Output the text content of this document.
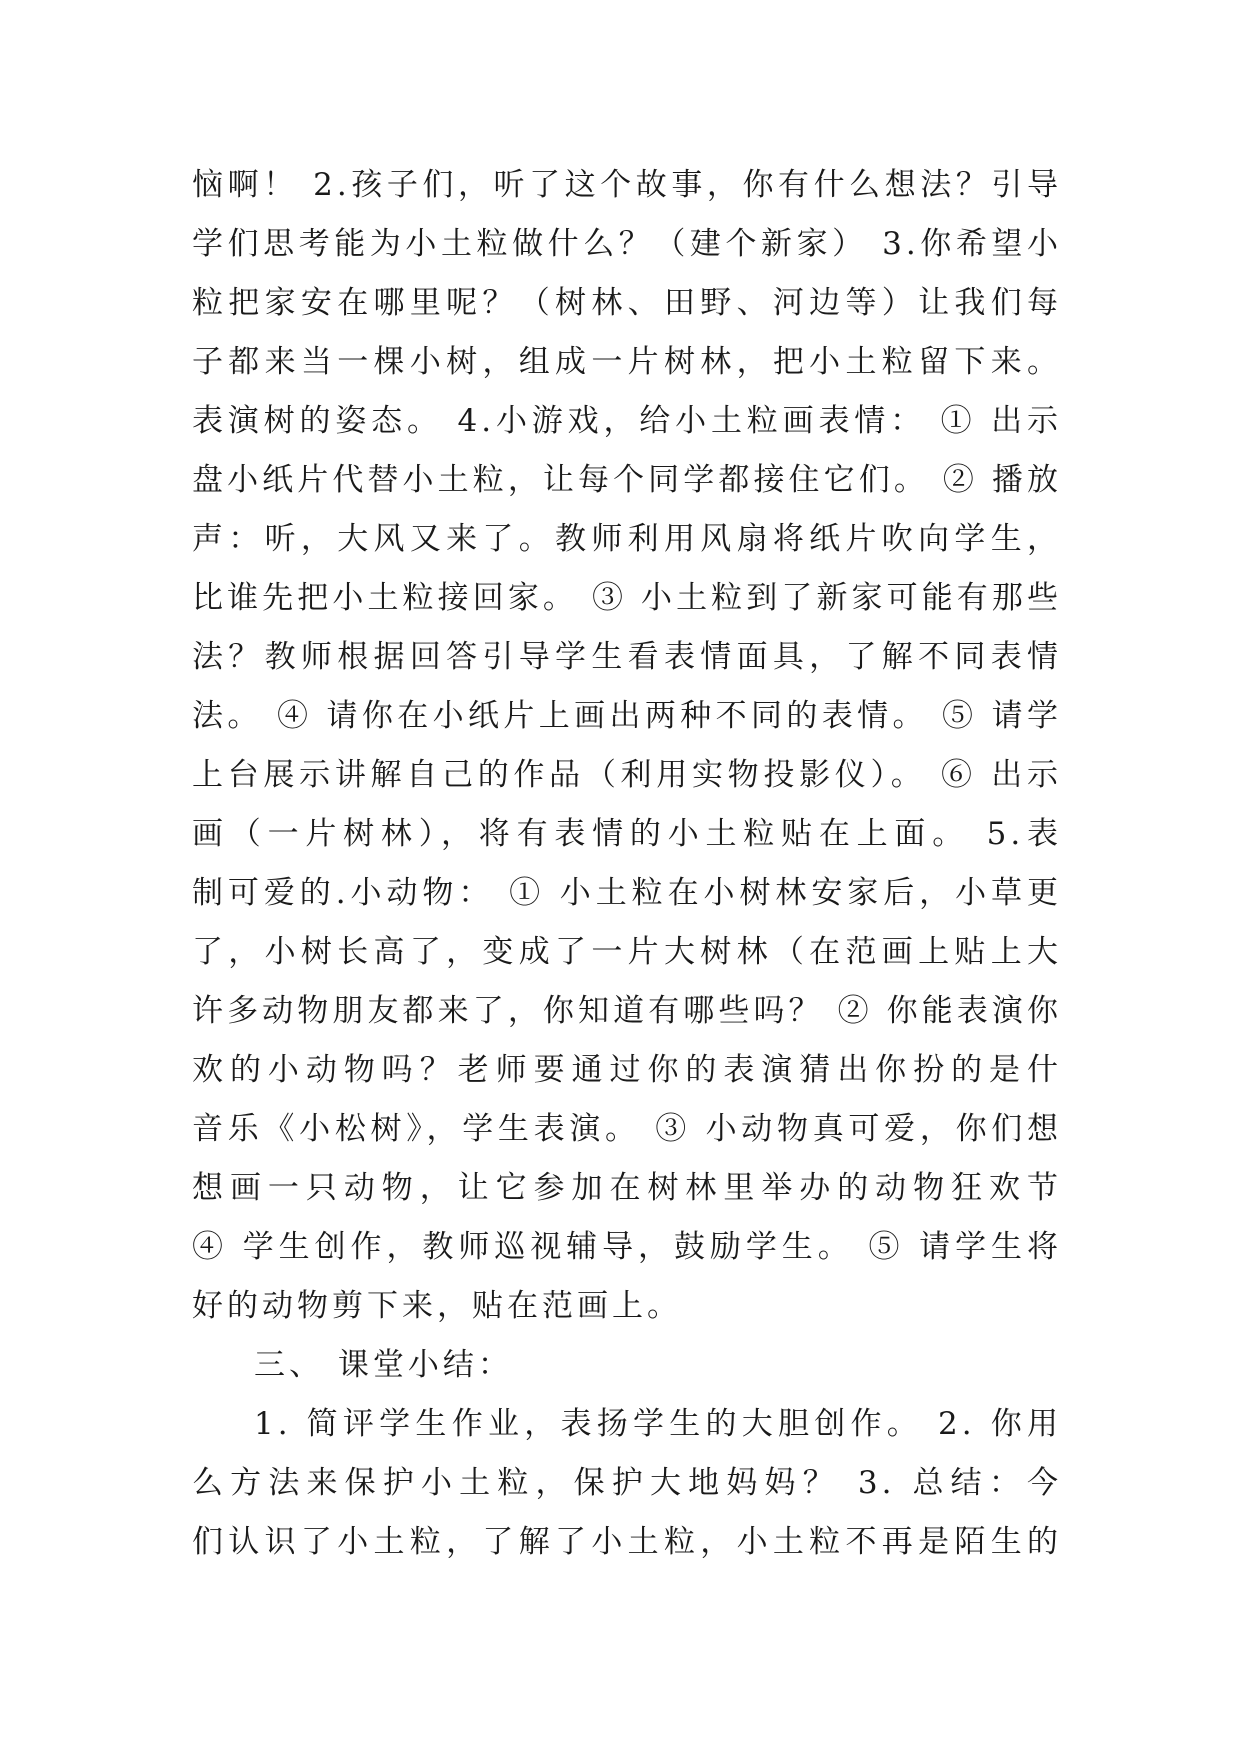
恼啊！ 2.孩子们，听了这个故事，你有什么想法？引导
学们思考能为小土粒做什么？（建个新家） 3.你希望小
粒把家安在哪里呢？（树林、田野、河边等）让我们每
子都来当一棵小树，组成一片树林，把小土粒留下来。
表演树的姿态。 4.小游戏，给小土粒画表情： ① 出示
盘小纸片代替小土粒，让每个同学都接住它们。 ② 播放
声：听，大风又来了。教师利用风扇将纸片吹向学生，
比谁先把小土粒接回家。 ③ 小土粒到了新家可能有那些
法？教师根据回答引导学生看表情面具，了解不同表情
法。 ④ 请你在小纸片上画出两种不同的表情。 ⑤ 请学
上台展示讲解自己的作品（利用实物投影仪）。 ⑥ 出示
画（一片树林），将有表情的小土粒贴在上面。 5.表
制可爱的.小动物： ① 小土粒在小树林安家后，小草更
了，小树长高了，变成了一片大树林（在范画上贴上大
许多动物朋友都来了，你知道有哪些吗？ ② 你能表演你
欢的小动物吗？老师要通过你的表演猜出你扮的是什
音乐《小松树》，学生表演。 ③ 小动物真可爱，你们想
想画一只动物，让它参加在树林里举办的动物狂欢节
④ 学生创作，教师巡视辅导，鼓励学生。 ⑤ 请学生将
好的动物剪下来，贴在范画上。
三、 课堂小结：
1. 简评学生作业，表扬学生的大胆创作。 2. 你用
么方法来保护小土粒，保护大地妈妈？ 3. 总结：今
们认识了小土粒，了解了小土粒，小土粒不再是陌生的
